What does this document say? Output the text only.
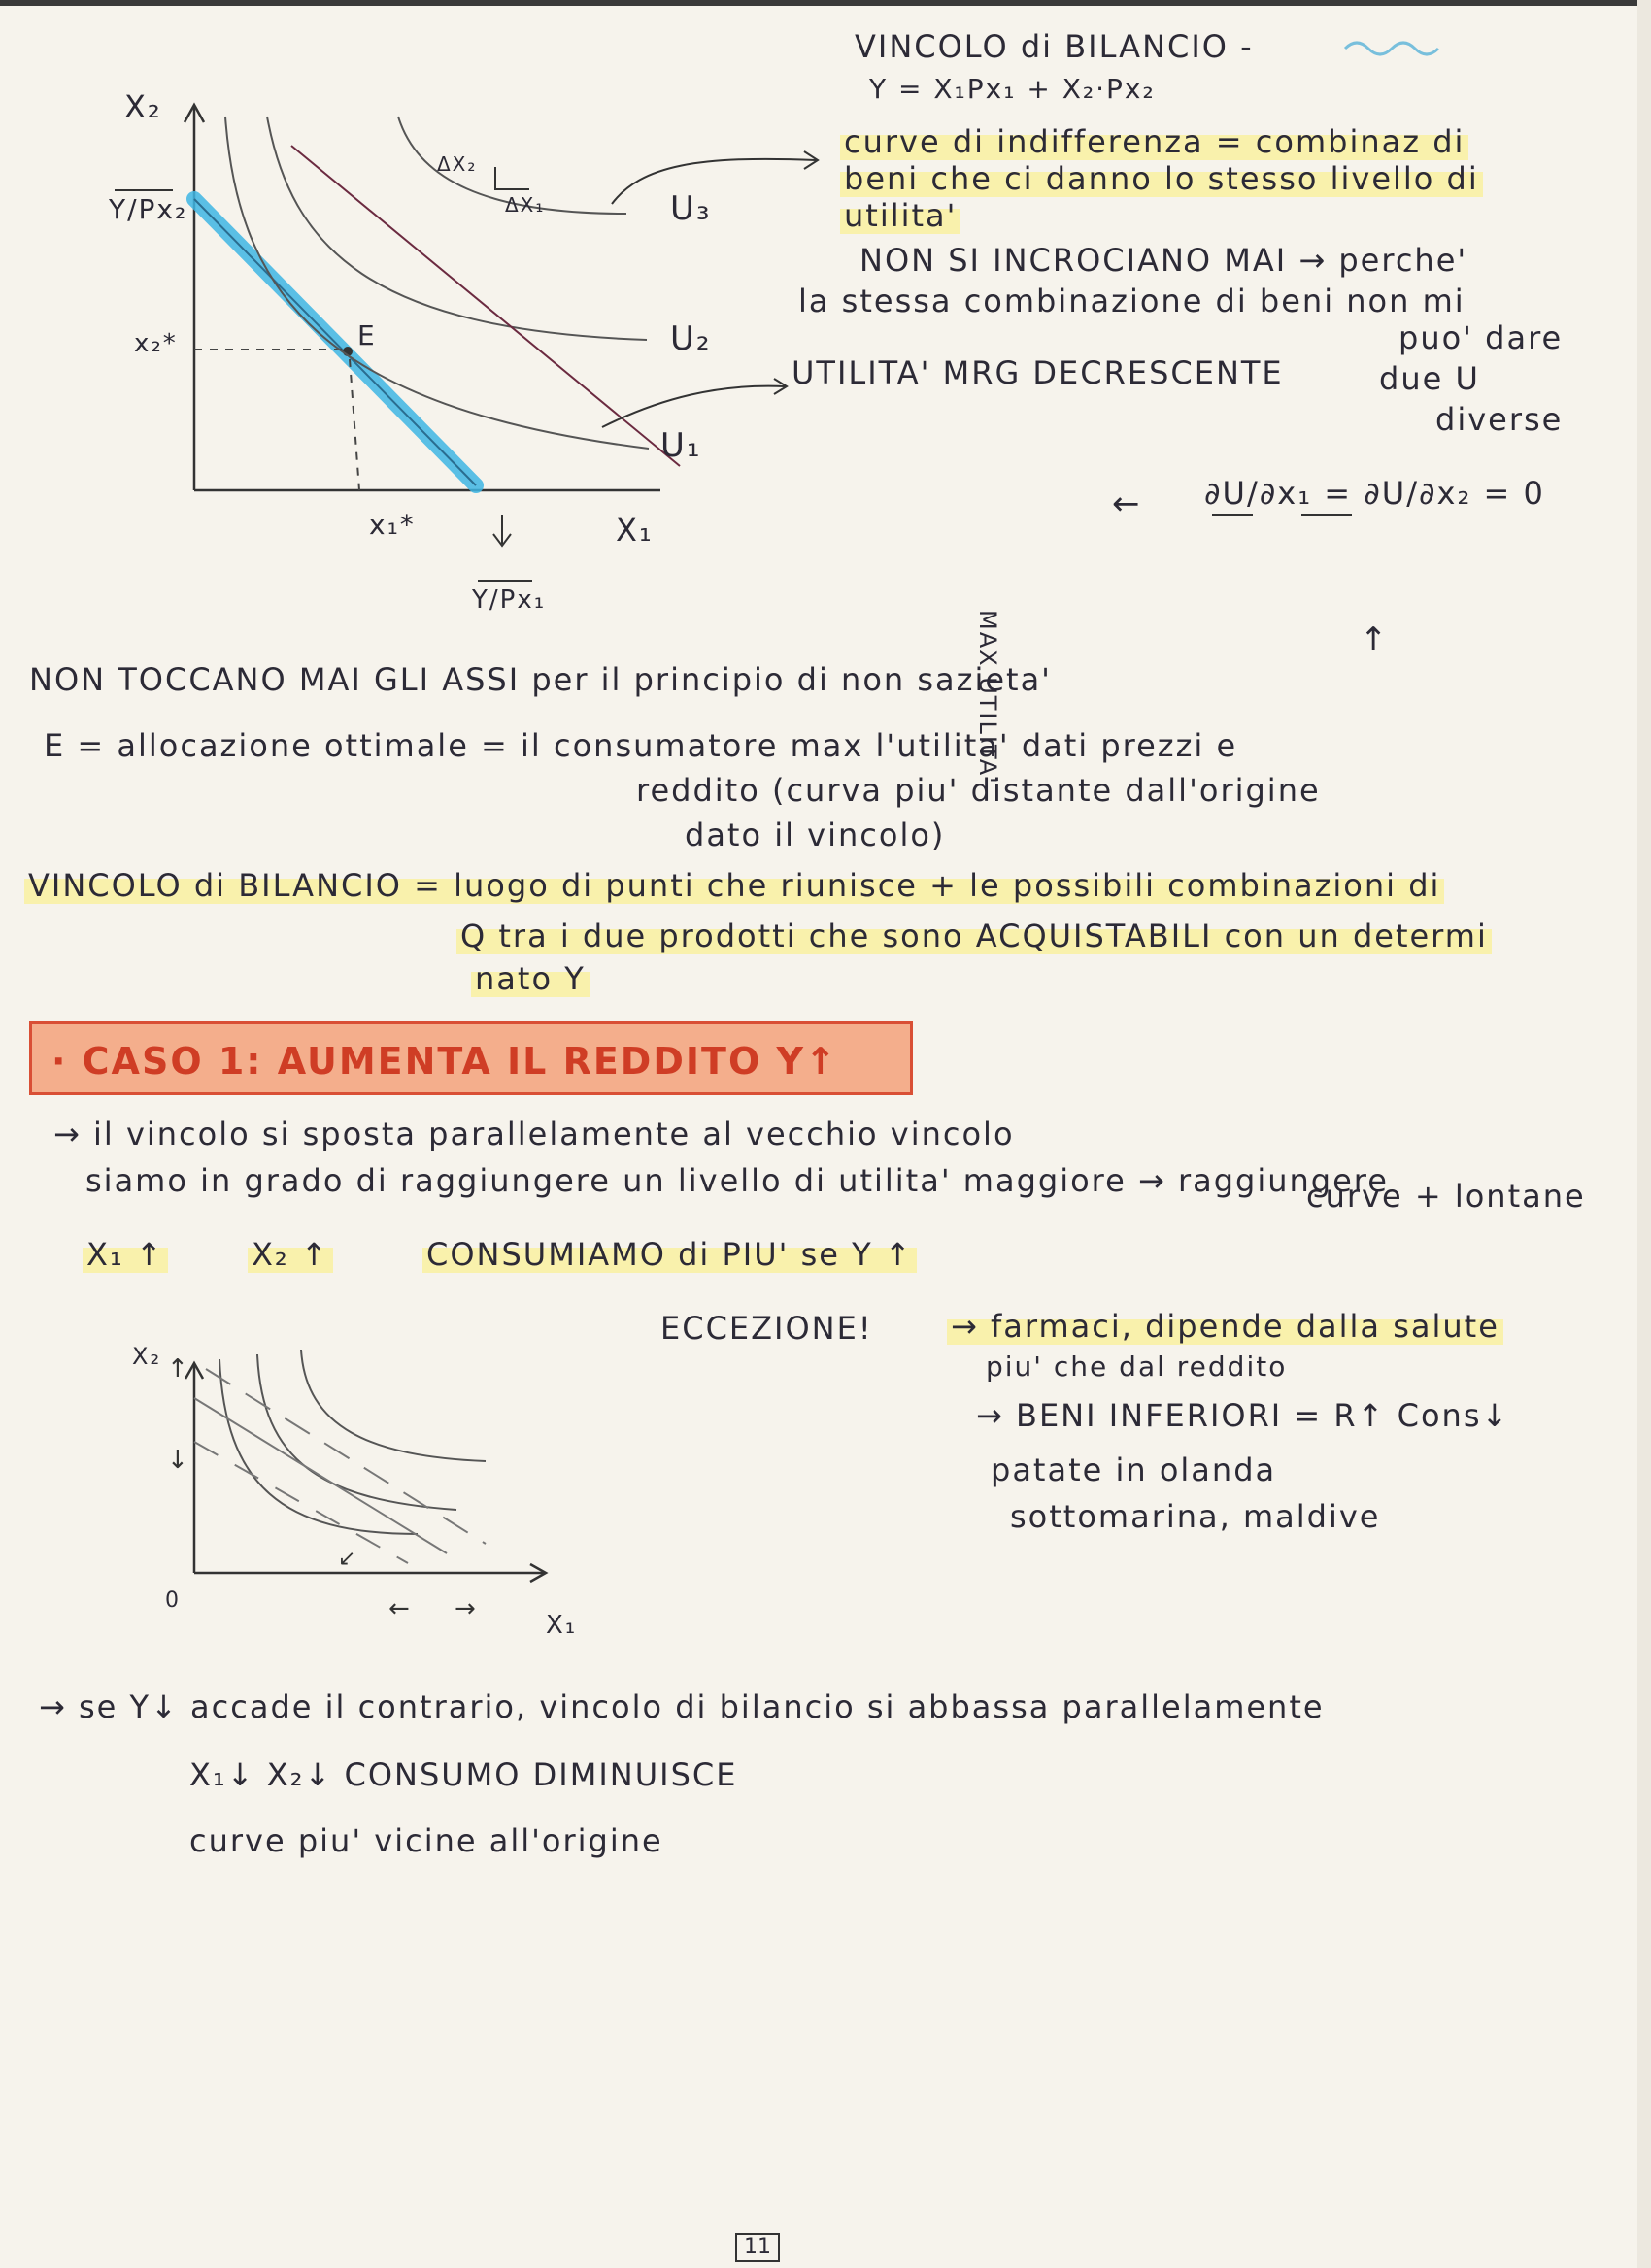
↑
↓
← →
↙
X₂
X₁
Y/Px₂
Y/Px₁
x₂*
x₁*
E
ΔX₂
ΔX₁	U₃
U₂
U₁
VINCOLO di BILANCIO -
Y = X₁Px₁ + X₂·Px₂
curve di indifferenza = combinaz di
beni che ci danno lo stesso livello di
utilita'
NON SI INCROCIANO MAI → perche'
la stessa combinazione di beni non mi
puo' dare
due U
diverse
UTILITA' MRG DECRESCENTE
MAX UTILITA'
← ∂U/∂x₁ = ∂U/∂x₂ = 0
↑
NON TOCCANO MAI GLI ASSI per il principio di non sazieta'
E = allocazione ottimale = il consumatore max l'utilita' dati prezzi e
reddito (curva piu' distante dall'origine
dato il vincolo)
VINCOLO di BILANCIO = luogo di punti che riunisce + le possibili combinazioni di
Q tra i due prodotti che sono ACQUISTABILI con un determi
nato Y
· CASO 1: AUMENTA IL REDDITO Y↑
→ il vincolo si sposta parallelamente al vecchio vincolo
siamo in grado di raggiungere un livello di utilita' maggiore → raggiungere
curve + lontane
X₁ ↑	X₂ ↑	CONSUMIAMO di PIU' se Y ↑
ECCEZIONE!	→ farmaci, dipende dalla salute
piu' che dal reddito
→ BENI INFERIORI = R↑ Cons↓
patate in olanda
sottomarina, maldive
X₂
X₁
0
→ se Y↓ accade il contrario, vincolo di bilancio si abbassa parallelamente
X₁↓ X₂↓ CONSUMO DIMINUISCE
curve piu' vicine all'origine
11
